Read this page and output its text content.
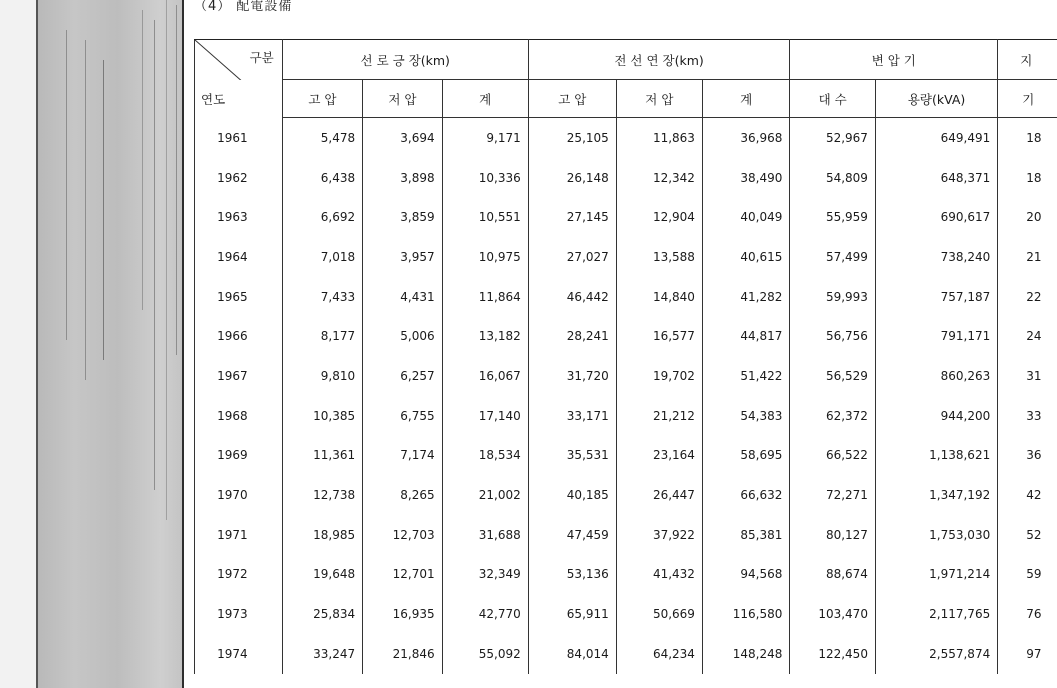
（4） 配電設備
구분	선 로 긍 장(km)			전 선 연 장(km)			변 압 기		지

연도	고 압	저 압	계	고 압	저 압	계	대 수	용량(kVA)	기
1961	5,478	3,694	9,171	25,105	11,863	36,968	52,967	649,491	18
1962	6,438	3,898	10,336	26,148	12,342	38,490	54,809	648,371	18
1963	6,692	3,859	10,551	27,145	12,904	40,049	55,959	690,617	20
1964	7,018	3,957	10,975	27,027	13,588	40,615	57,499	738,240	21
1965	7,433	4,431	11,864	46,442	14,840	41,282	59,993	757,187	22
1966	8,177	5,006	13,182	28,241	16,577	44,817	56,756	791,171	24
1967	9,810	6,257	16,067	31,720	19,702	51,422	56,529	860,263	31
1968	10,385	6,755	17,140	33,171	21,212	54,383	62,372	944,200	33
1969	11,361	7,174	18,534	35,531	23,164	58,695	66,522	1,138,621	36
1970	12,738	8,265	21,002	40,185	26,447	66,632	72,271	1,347,192	42
1971	18,985	12,703	31,688	47,459	37,922	85,381	80,127	1,753,030	52
1972	19,648	12,701	32,349	53,136	41,432	94,568	88,674	1,971,214	59
1973	25,834	16,935	42,770	65,911	50,669	116,580	103,470	2,117,765	76
1974	33,247	21,846	55,092	84,014	64,234	148,248	122,450	2,557,874	97
